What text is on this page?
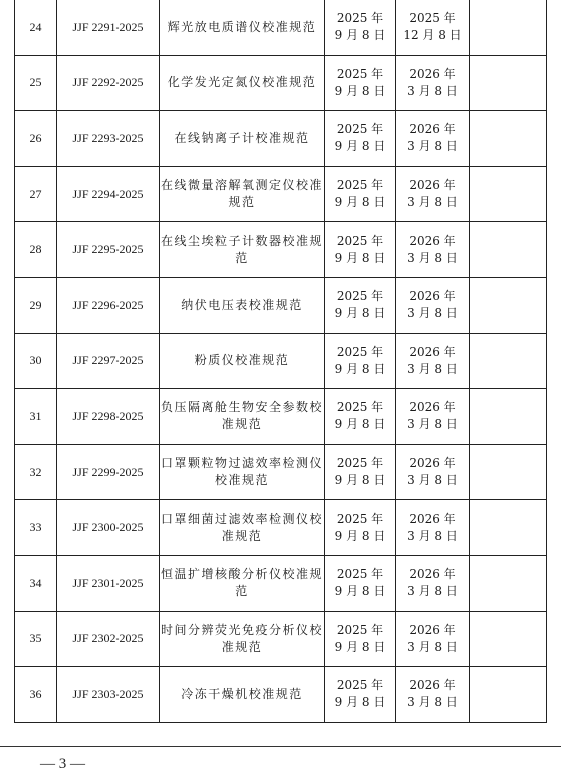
24	JJF 2291-2025	辉光放电质谱仪校准规范	2025 年
9 月 8 日	2025 年
12 月 8 日	

25	JJF 2292-2025	化学发光定氮仪校准规范	2025 年
9 月 8 日	2026 年
3 月 8 日	

26	JJF 2293-2025	在线钠离子计校准规范	2025 年
9 月 8 日	2026 年
3 月 8 日	

27	JJF 2294-2025	在线微量溶解氧测定仪校准规范	2025 年
9 月 8 日	2026 年
3 月 8 日	

28	JJF 2295-2025	在线尘埃粒子计数器校准规范	2025 年
9 月 8 日	2026 年
3 月 8 日	

29	JJF 2296-2025	纳伏电压表校准规范	2025 年
9 月 8 日	2026 年
3 月 8 日	

30	JJF 2297-2025	粉质仪校准规范	2025 年
9 月 8 日	2026 年
3 月 8 日	

31	JJF 2298-2025	负压隔离舱生物安全参数校准规范	2025 年
9 月 8 日	2026 年
3 月 8 日	

32	JJF 2299-2025	口罩颗粒物过滤效率检测仪校准规范	2025 年
9 月 8 日	2026 年
3 月 8 日	

33	JJF 2300-2025	口罩细菌过滤效率检测仪校准规范	2025 年
9 月 8 日	2026 年
3 月 8 日	

34	JJF 2301-2025	恒温扩增核酸分析仪校准规范	2025 年
9 月 8 日	2026 年
3 月 8 日	

35	JJF 2302-2025	时间分辨荧光免疫分析仪校准规范	2025 年
9 月 8 日	2026 年
3 月 8 日	

36	JJF 2303-2025	冷冻干燥机校准规范	2025 年
9 月 8 日	2026 年
3 月 8 日	

— 3 —
